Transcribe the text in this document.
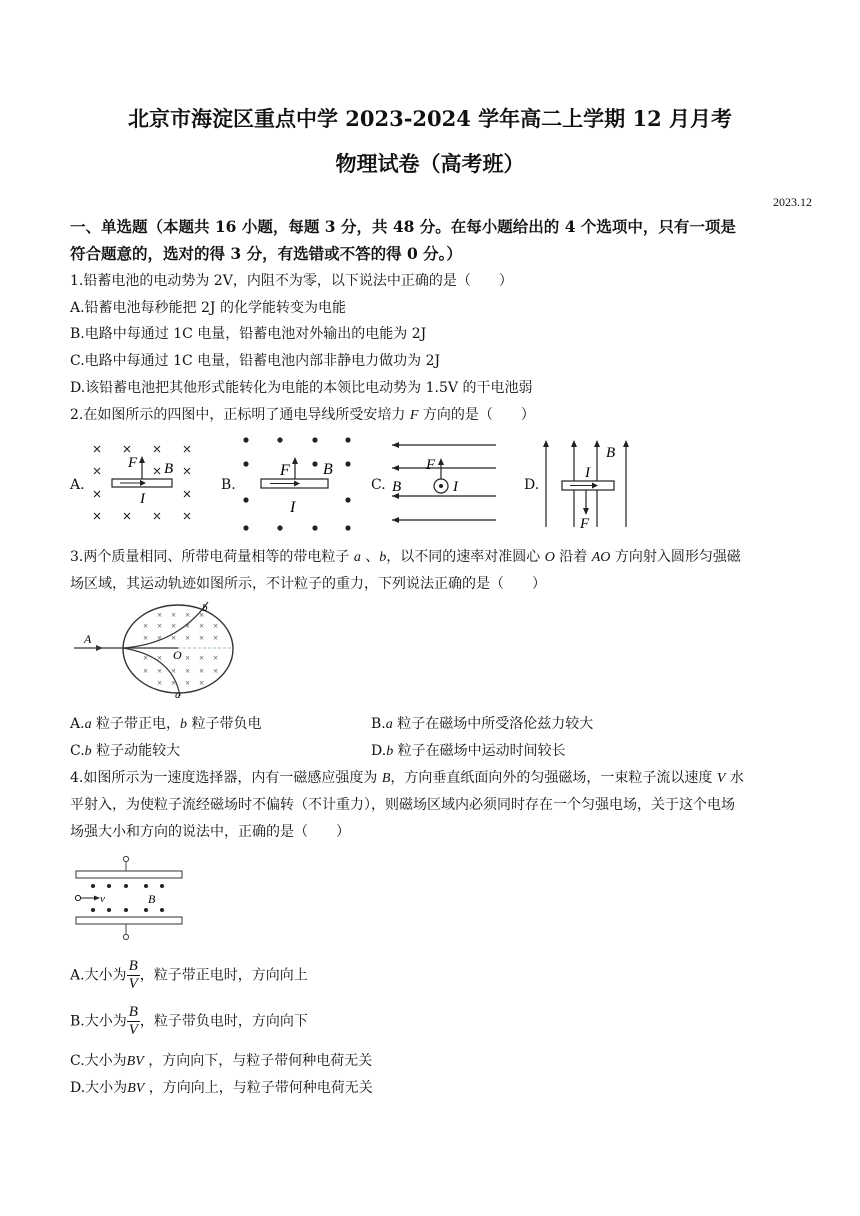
北京市海淀区重点中学 2023-2024 学年高二上学期 12 月月考
物理试卷（高考班）
2023.12
一、单选题（本题共 16 小题，每题 3 分，共 48 分。在每小题给出的 4 个选项中，只有一项是
符合题意的，选对的得 3 分，有选错或不答的得 0 分。）
1.铅蓄电池的电动势为 2V，内阻不为零，以下说法中正确的是（　　）
A.铅蓄电池每秒能把 2J 的化学能转变为电能
B.电路中每通过 1C 电量，铅蓄电池对外输出的电能为 2J
C.电路中每通过 1C 电量，铅蓄电池内部非静电力做功为 2J
D.该铅蓄电池把其他形式能转化为电能的本领比电动势为 1.5V 的干电池弱
2.在如图所示的四图中，正标明了通电导线所受安培力 F 方向的是（　　）
A.	B.	C.	D.
F B
I
F B
I
F
B	I
I
B
F
3.两个质量相同、所带电荷量相等的带电粒子 a 、b，以不同的速率对准圆心 O 沿着 AO 方向射入圆形匀强磁
场区域，其运动轨迹如图所示，不计粒子的重力，下列说法正确的是（　　）
× × × × × ×
× × × × × ×
× ×	× × ×
× × × × × ×
× × × ×
× × × ×
A
O
b
a
A.a 粒子带正电，b 粒子带负电	B.a 粒子在磁场中所受洛伦兹力较大
C.b 粒子动能较大	D.b 粒子在磁场中运动时间较长
4.如图所示为一速度选择器，内有一磁感应强度为 B，方向垂直纸面向外的匀强磁场，一束粒子流以速度 V 水
平射入，为使粒子流经磁场时不偏转（不计重力），则磁场区域内必须同时存在一个匀强电场，关于这个电场
场强大小和方向的说法中，正确的是（　　）
v	B
A.大小为 $\frac{B}{V}$ ，粒子带正电时，方向向上
B.大小为 $\frac{B}{V}$ ，粒子带负电时，方向向下
C.大小为BV ，方向向下，与粒子带何种电荷无关
D.大小为BV ，方向向上，与粒子带何种电荷无关
